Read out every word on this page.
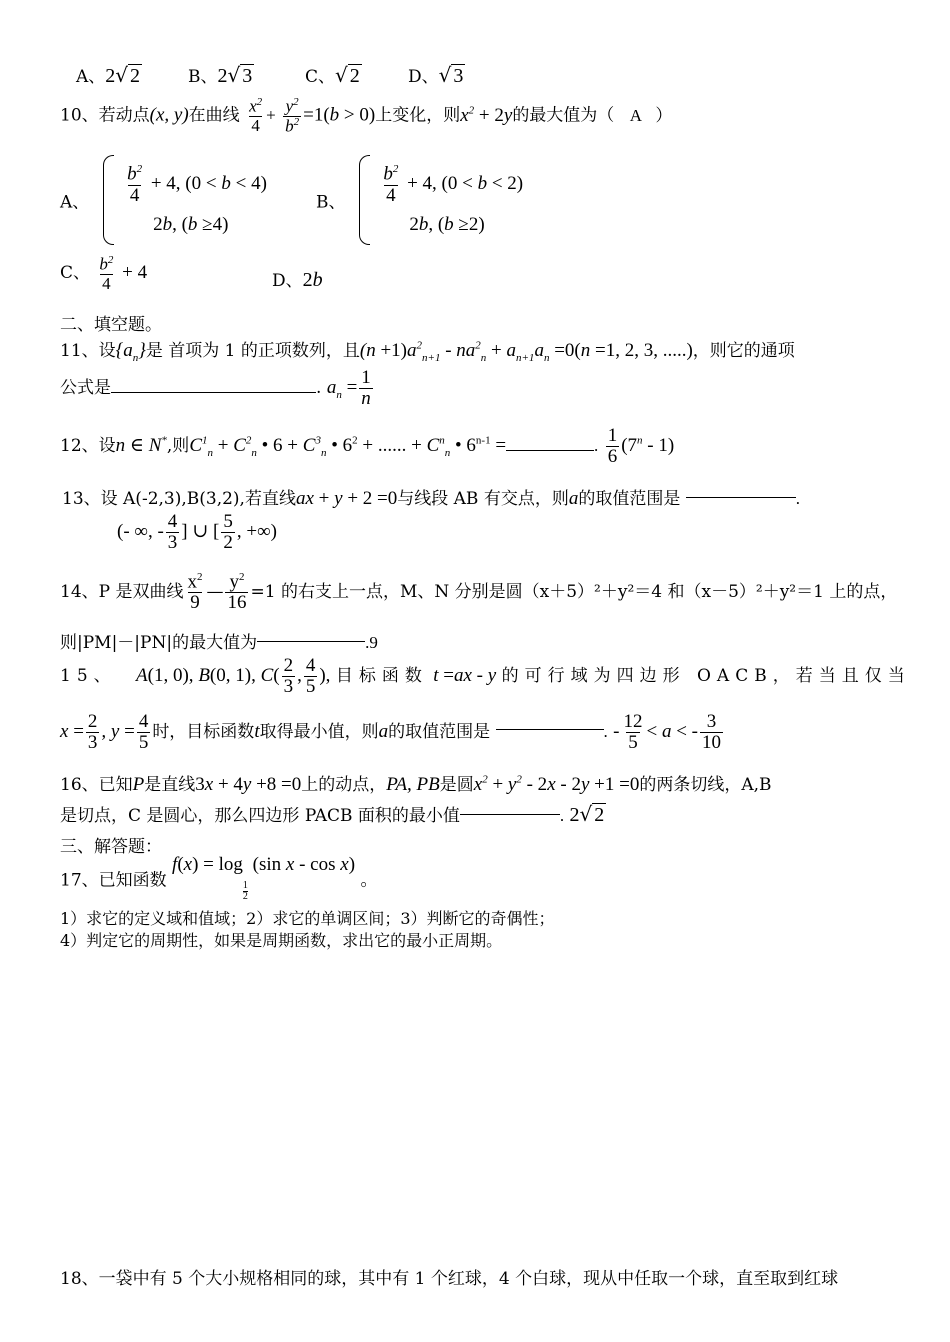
A、2√ 2	B、2√ 3	C、√ 2	D、√ 3
10、若动点(x, y)在曲线 $\frac{x^2}{4} + \frac{y^2}{b^2} =1(b > 0)$上变化，则$x^2 + 2y$的最大值为（ A ）
A、 $\frac{b^2}{4} + 4$, (0 < b < 4)
2b, (b ≥4)
B、 $\frac{b^2}{4} + 4$, (0 < b < 2)
2b, (b ≥2)
C、 $\frac{b^2}{4} + 4$	D、2b
二、填空题。
11、设$\{a_n\}$是 首项为 1 的正项数列，且$(n +1)a^2_{n+1} - na^2_n + a_{n+1}a_n =0(n =1$, 2, 3, .....)，则它的通项
公式是	. $a_n = \frac{1}{n}$
12、设n ∈ N*,则$C^1_n + C^2_n$ • $6 + C^3_n$ • $6^2$ + ...... + $C^n_n$ • $6^{n-1}$ =	. $\frac{1}{6} (7^n - 1)$
13、设 A(-2,3),B(3,2),若直线ax + y + 2 =0与线段 AB 有交点，则a的取值范围是	.
(- ∞, - $\frac{4}{3}$ ] ∪ [ $\frac{5}{2}$ , +∞)
14、P 是双曲线 $\frac{x^2}{9}$ — $\frac{y^2}{16} =1$ 的右支上一点，M、N 分别是圆（x＋5）²＋y²＝4 和（x－5）²＋y²＝1 上的点，
则|PM|－|PN|的最大值为	.9
15、 A(1, 0), B(0, 1), $C( \frac{2}{3}$ , $\frac{4}{5}$ ), 目标函数 t =ax - y 的可行域为四边形 OACB，若当且仅当
$x = \frac{2}{3}$ , $y = \frac{4}{5}$ 时，目标函数t取得最小值，则a的取值范围是	. - $\frac{12}{5} < a$ < - $\frac{3}{10}$
16、已知P是直线3x + 4y +8 =0上的动点，PA, PB是圆$x^2 + y^2 - 2x - 2y +1 =0$的两条切线，A,B
是切点，C 是圆心，那么四边形 PACB 面积的最小值	. 2√ 2
三、解答题：
17、已知函数 f(x) = log
$\frac{1}{2}$
(sin x - cos x) 。
1）求它的定义域和值域；2）求它的单调区间；3）判断它的奇偶性；
4）判定它的周期性，如果是周期函数，求出它的最小正周期。
18、一袋中有 5 个大小规格相同的球，其中有 1 个红球，4 个白球，现从中任取一个球，直至取到红球
